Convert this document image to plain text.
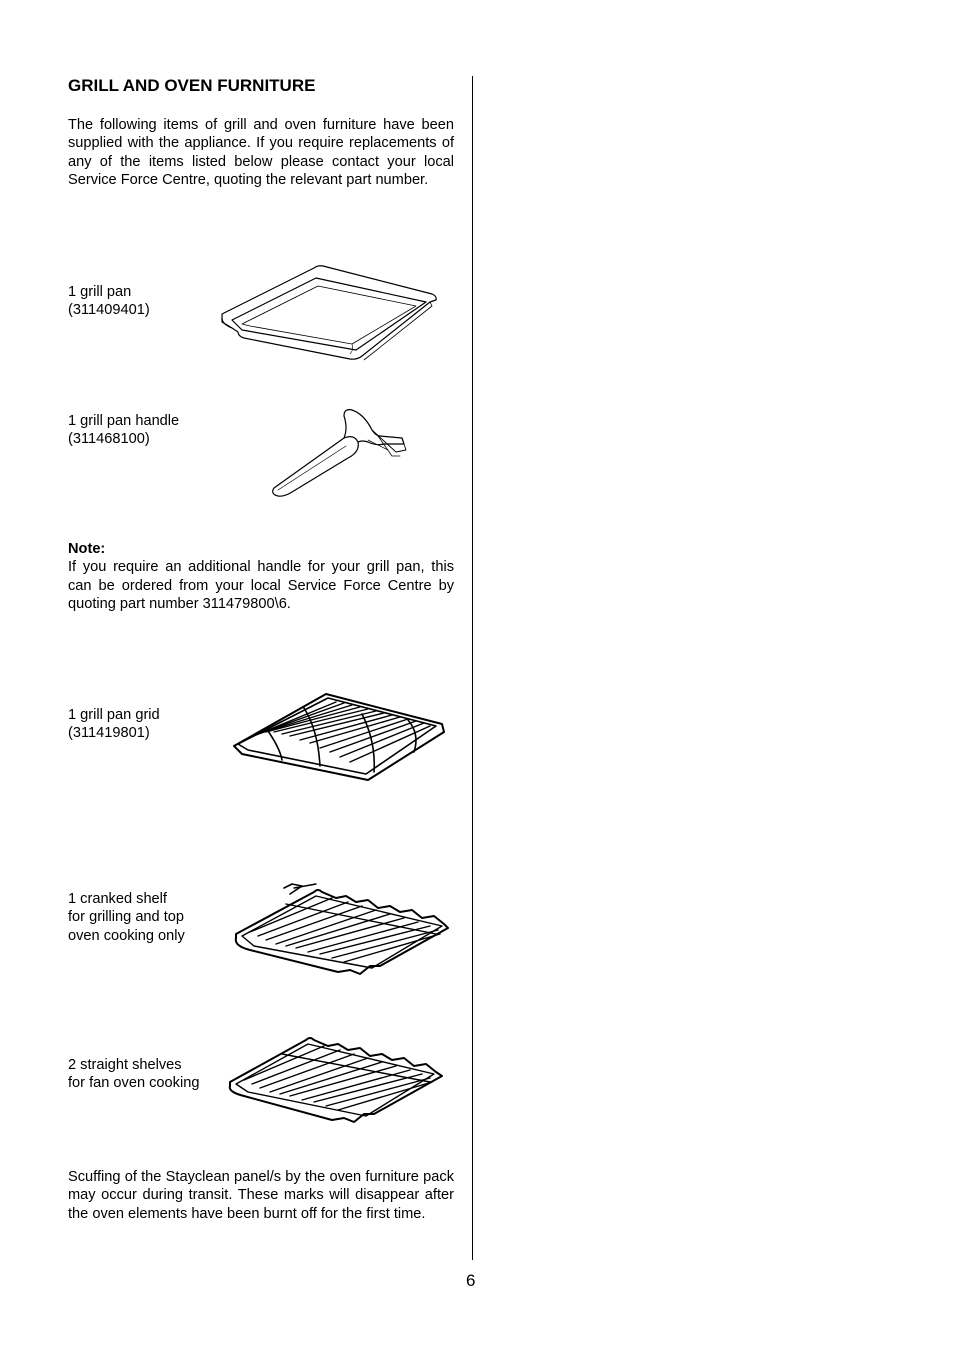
GRILL AND OVEN FURNITURE
The following items of grill and oven furniture have been supplied with the appliance. If you require replacements of any of the items listed below please contact your local Service Force Centre, quoting the relevant part number.
1 grill pan
(311409401)
1 grill pan handle
(311468100)
Note:
If you require an additional handle for your grill pan, this can be ordered from your local Service Force Centre by quoting part number 311479800\6.
1 grill pan grid
(311419801)
1 cranked shelf
for grilling and top
oven cooking only
2 straight shelves
for fan oven cooking
Scuffing of the Stayclean panel/s by the oven furniture pack may occur during transit. These marks will disappear after the oven elements have been burnt off for the first time.
6
